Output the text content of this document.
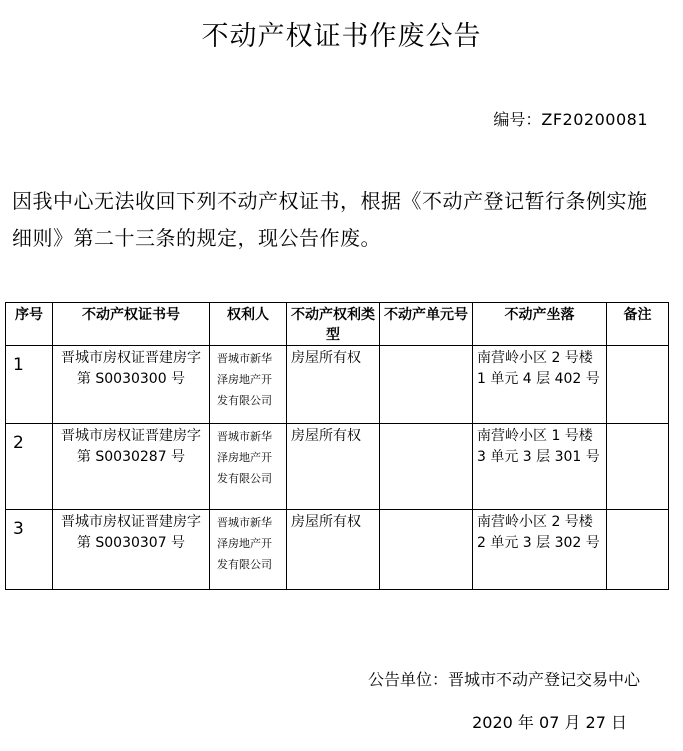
不动产权证书作废公告
编号：ZF20200081
因我中心无法收回下列不动产权证书，根据《不动产登记暂行条例实施细则》第二十三条的规定，现公告作废。
序号	不动产权证书号	权利人	不动产权利类型	不动产单元号	不动产坐落	备注
1	晋城市房权证晋建房字第 S0030300 号	晋城市新华泽房地产开发有限公司	房屋所有权		南营岭小区 2 号楼 1 单元 4 层 402 号	
2	晋城市房权证晋建房字第 S0030287 号	晋城市新华泽房地产开发有限公司	房屋所有权		南营岭小区 1 号楼 3 单元 3 层 301 号	
3	晋城市房权证晋建房字第 S0030307 号	晋城市新华泽房地产开发有限公司	房屋所有权		南营岭小区 2 号楼 2 单元 3 层 302 号	
公告单位：晋城市不动产登记交易中心
2020 年 07 月 27 日
